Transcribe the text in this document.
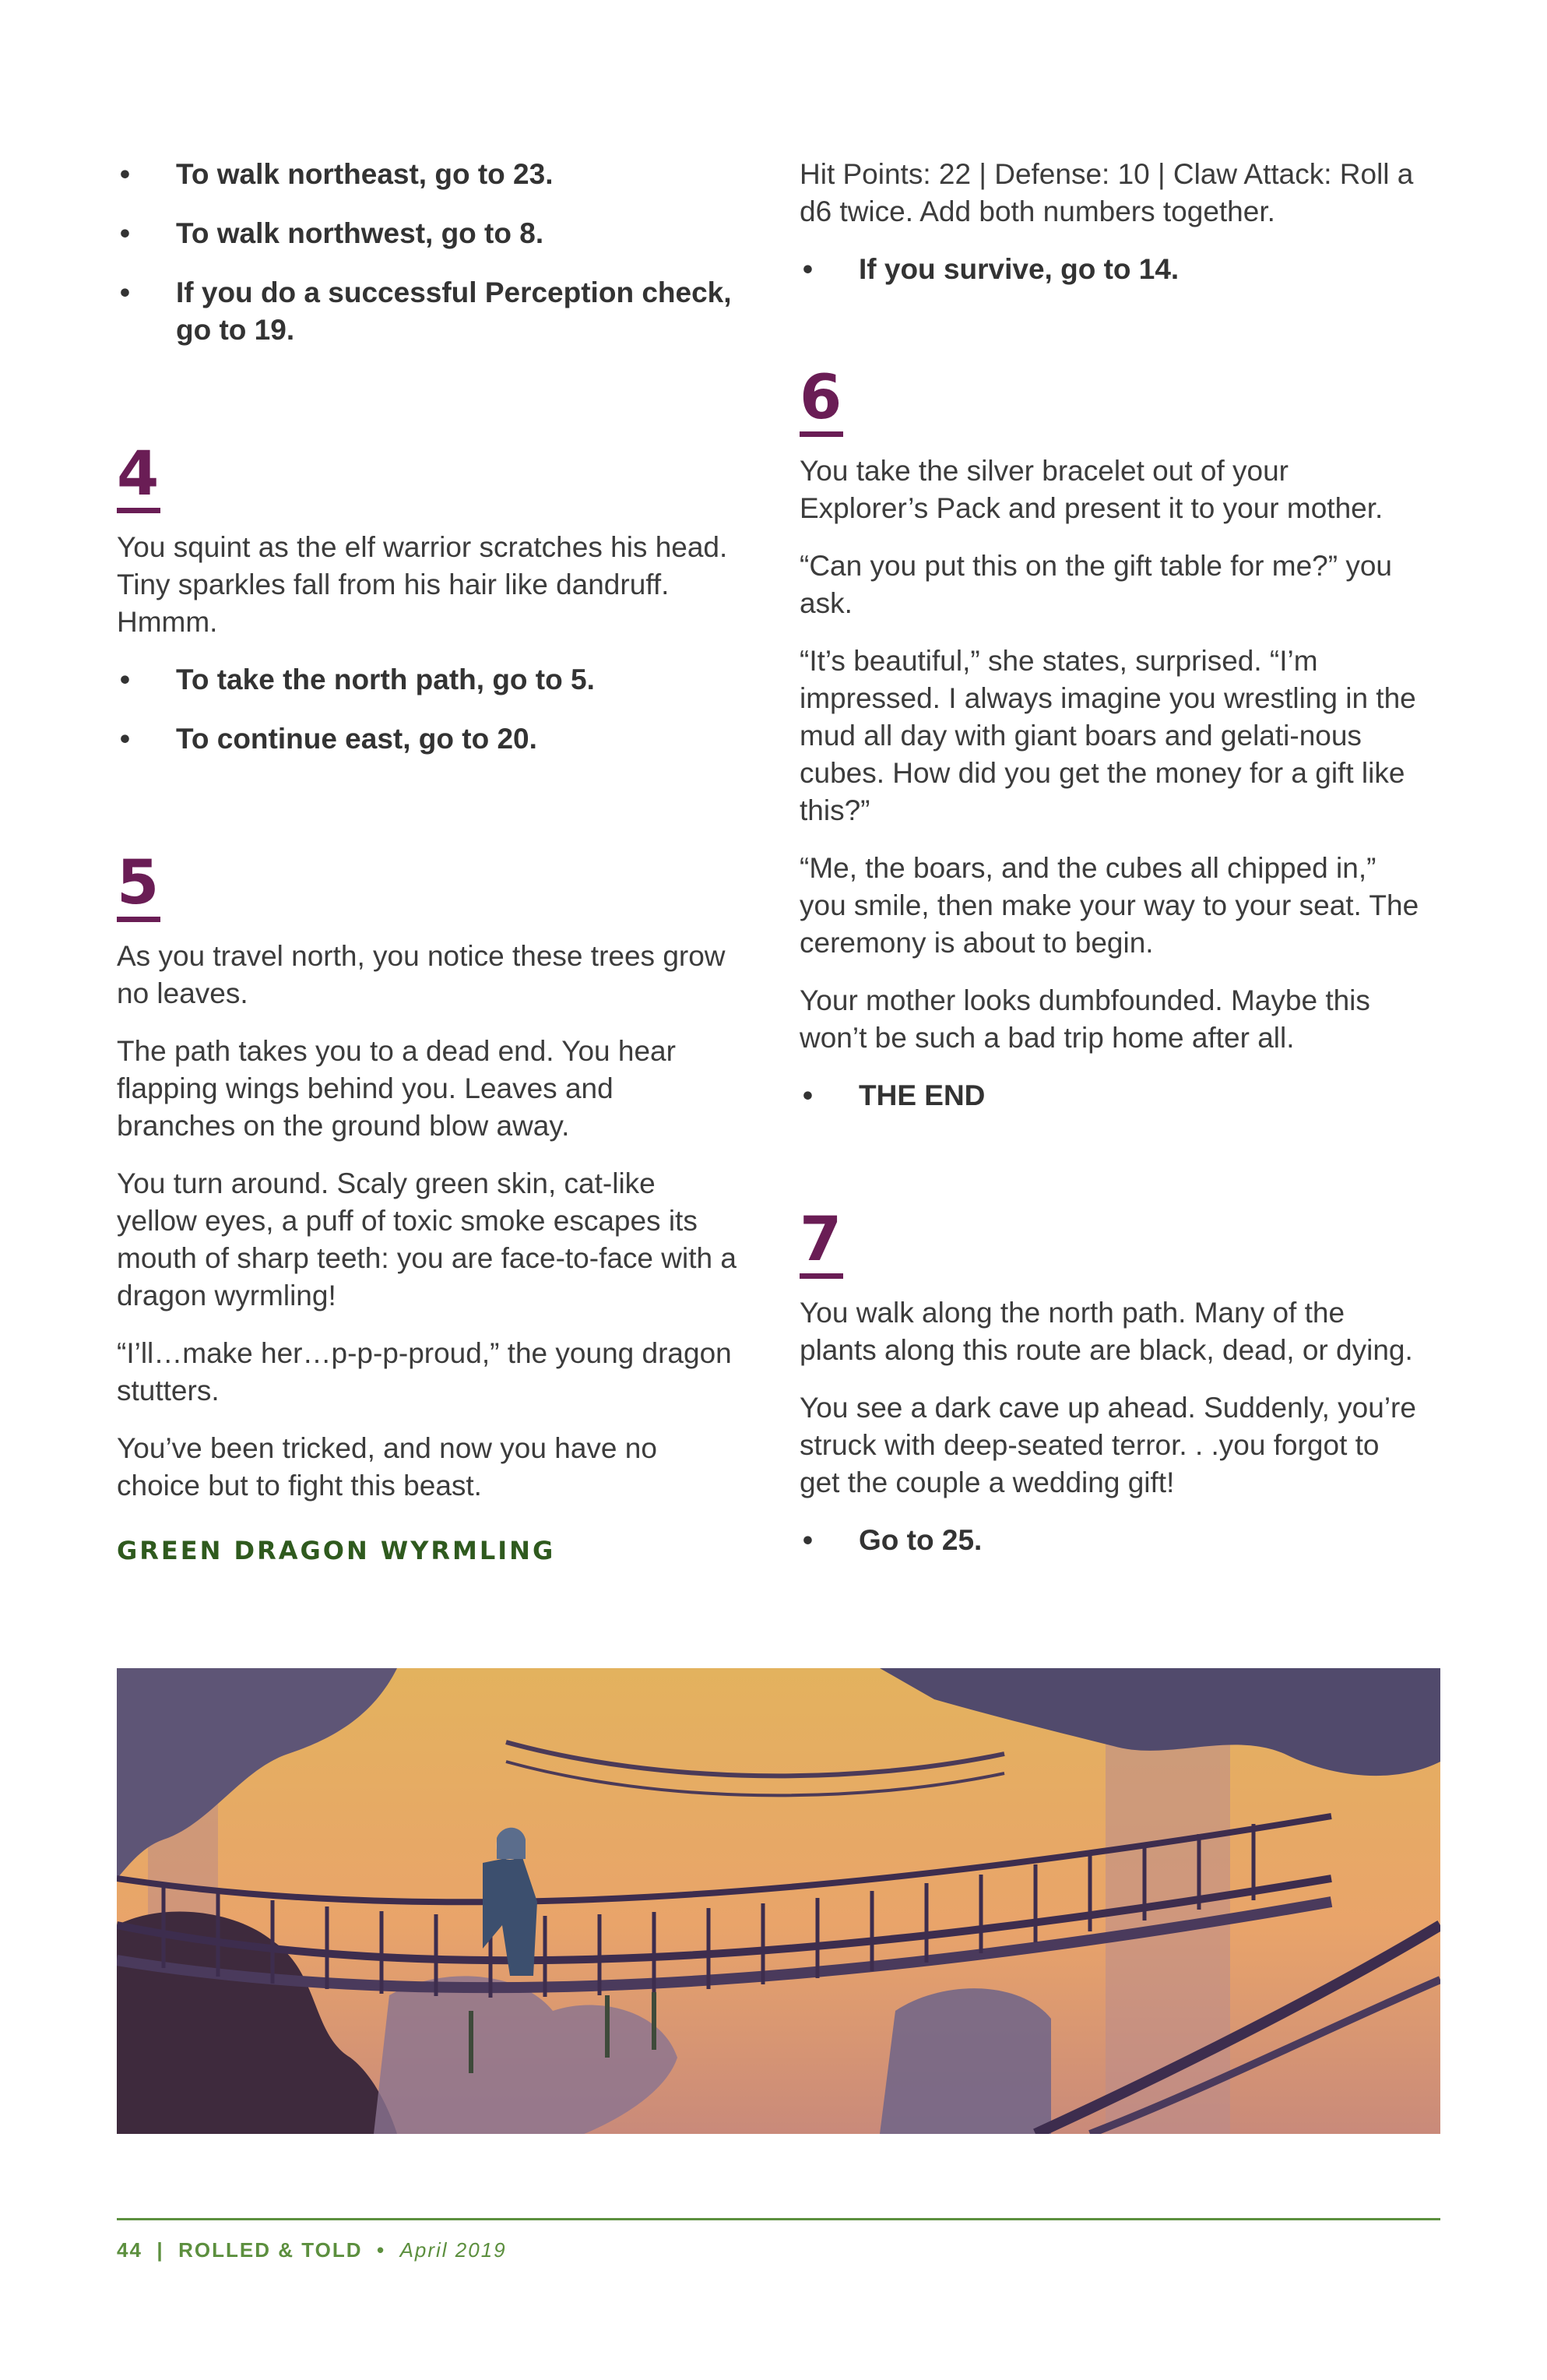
• To walk northeast, go to 23.
• To walk northwest, go to 8.
• If you do a successful Perception check, go to 19.
4

You squint as the elf warrior scratches his head. Tiny sparkles fall from his hair like dandruff. Hmmm.

• To take the north path, go to 5.
• To continue east, go to 20.
5

As you travel north, you notice these trees grow no leaves.

The path takes you to a dead end. You hear flapping wings behind you. Leaves and branches on the ground blow away.

You turn around. Scaly green skin, cat-like yellow eyes, a puff of toxic smoke escapes its mouth of sharp teeth: you are face-to-face with a dragon wyrmling!

“I’ll…make her…p-p-p-proud,” the young dragon stutters.

You’ve been tricked, and now you have no choice but to fight this beast.

GREEN DRAGON WYRMLING

Hit Points: 22 | Defense: 10 | Claw Attack: Roll a d6 twice. Add both numbers together.

• If you survive, go to 14.
6

You take the silver bracelet out of your Explorer’s Pack and present it to your mother.

“Can you put this on the gift table for me?” you ask.

“It’s beautiful,” she states, surprised. “I’m impressed. I always imagine you wrestling in the mud all day with giant boars and gelati-nous cubes. How did you get the money for a gift like this?”

“Me, the boars, and the cubes all chipped in,” you smile, then make your way to your seat. The ceremony is about to begin.

Your mother looks dumbfounded. Maybe this won’t be such a bad trip home after all.

• THE END
7

You walk along the north path. Many of the plants along this route are black, dead, or dying.

You see a dark cave up ahead. Suddenly, you’re struck with deep-seated terror. . .you forgot to get the couple a wedding gift!

• Go to 25.
44  |  ROLLED & TOLD  •  April 2019
